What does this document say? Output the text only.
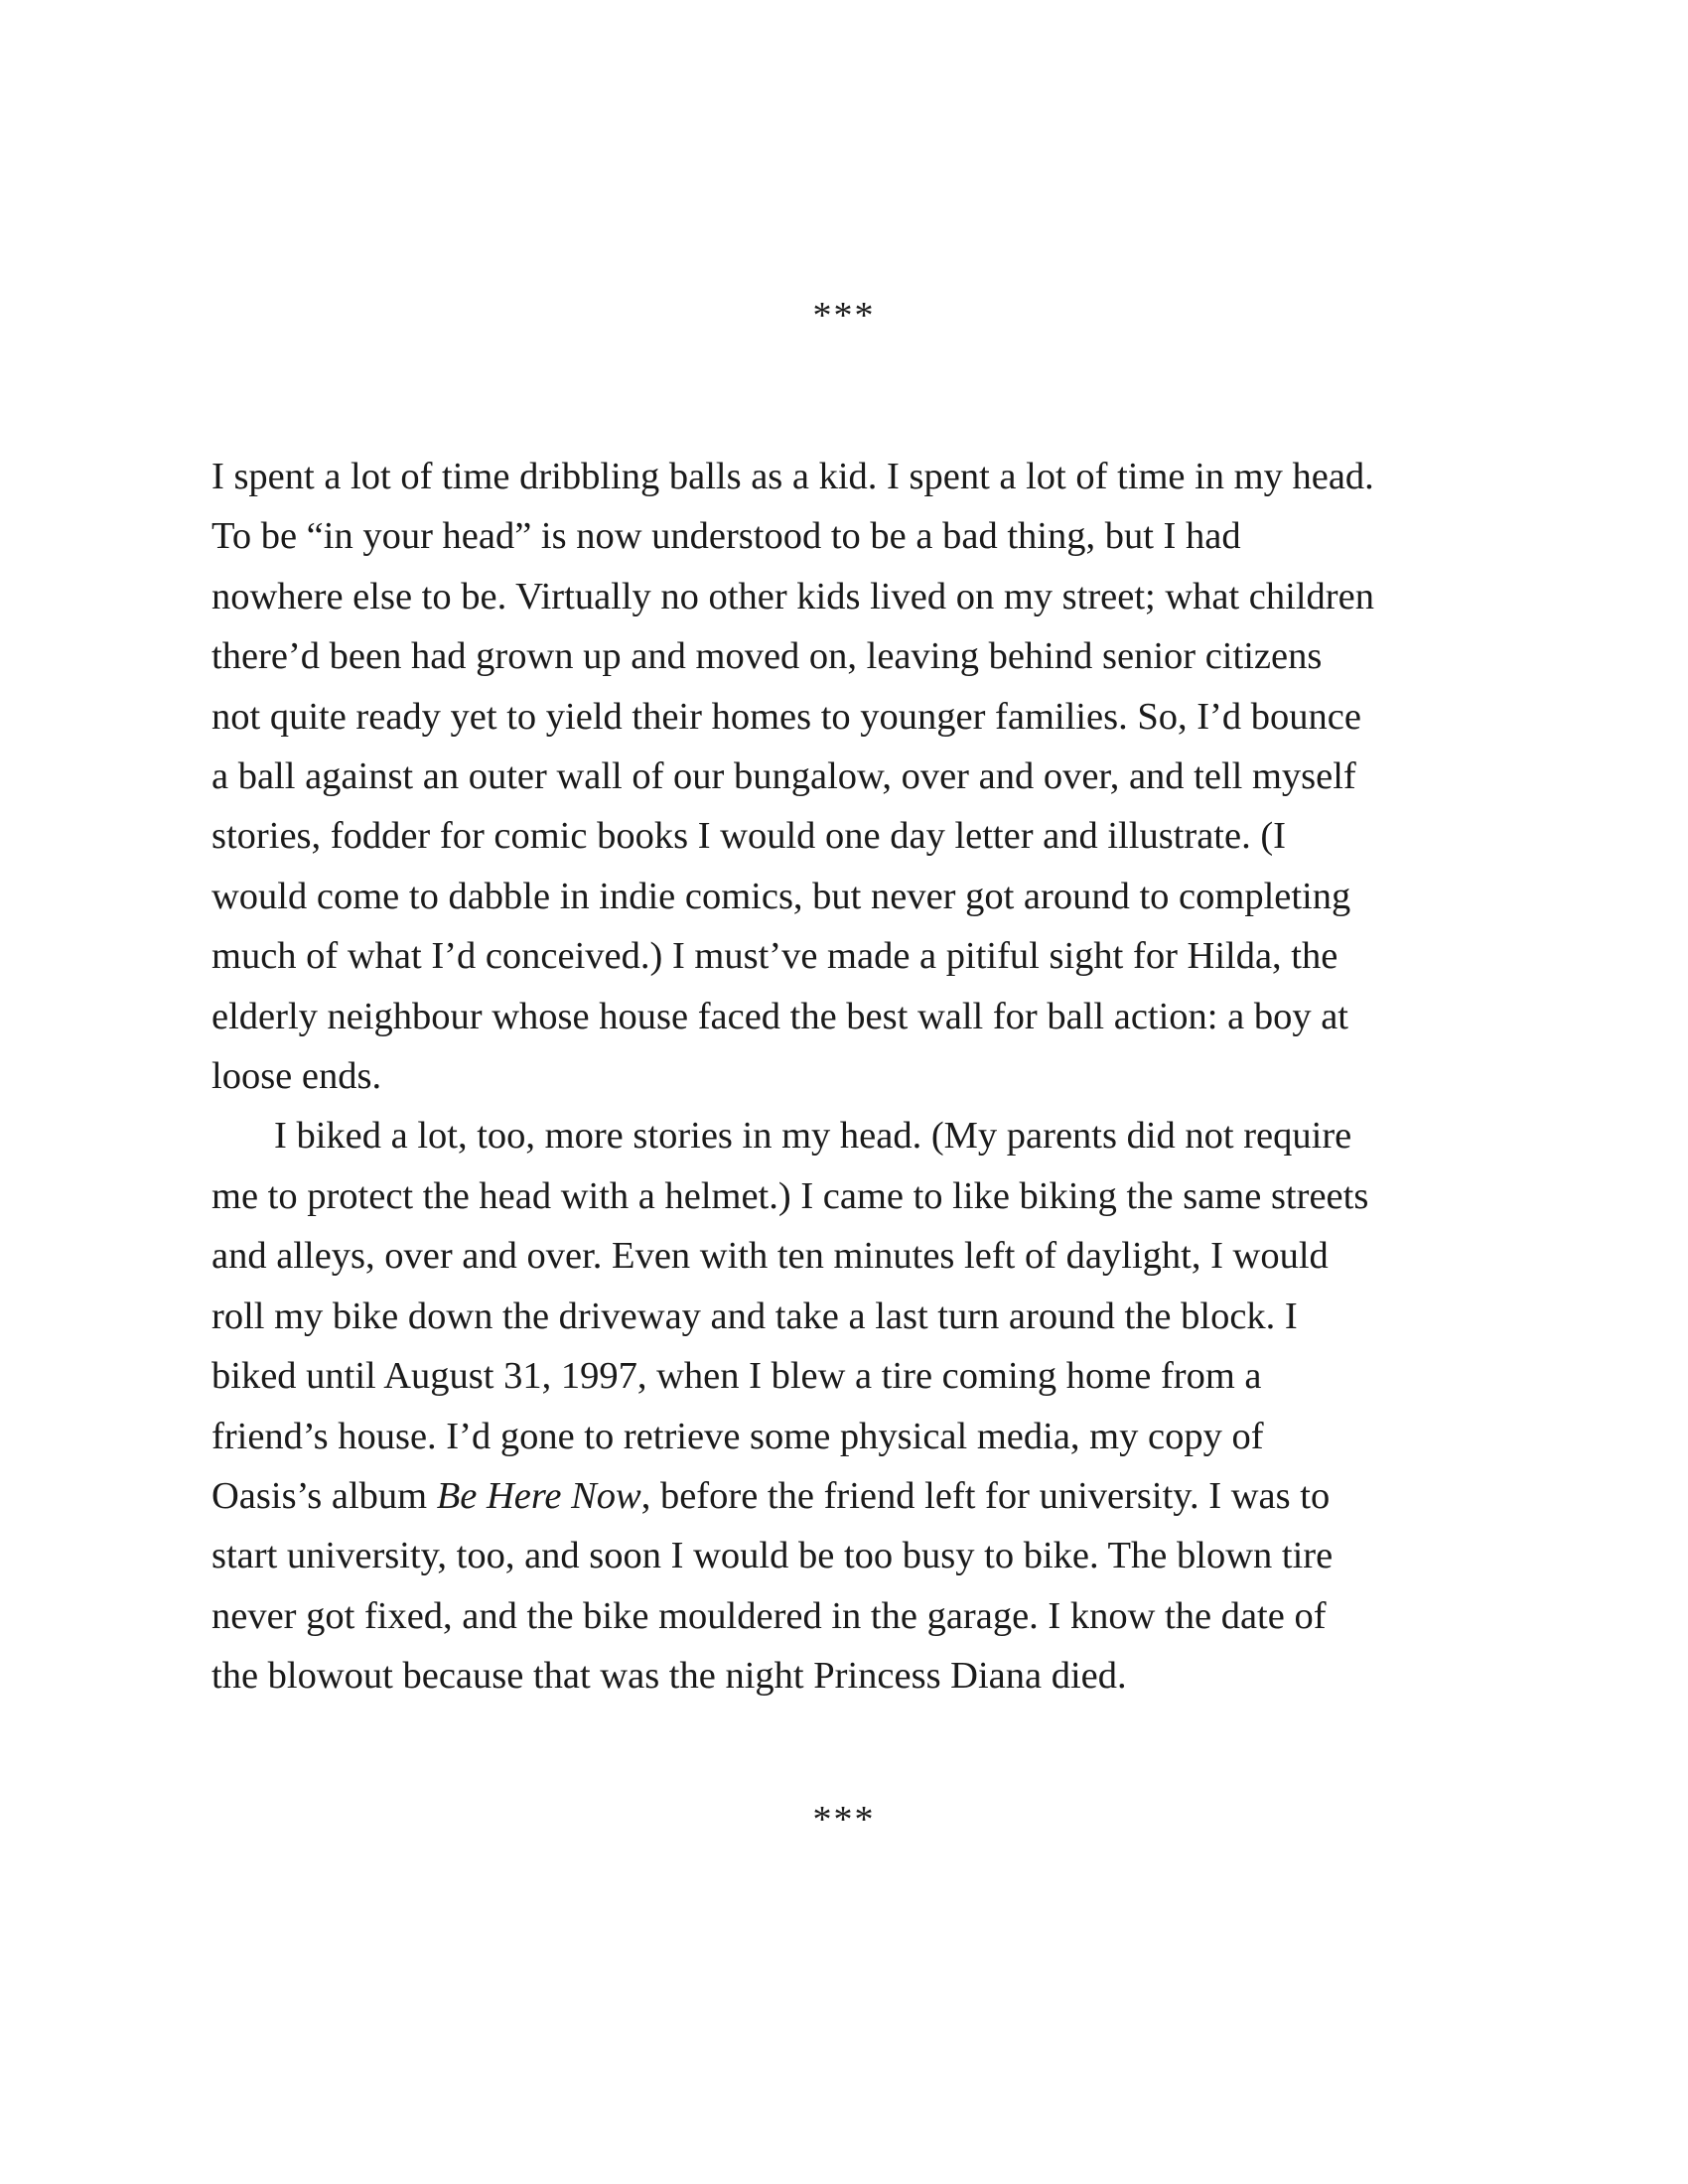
***
I spent a lot of time dribbling balls as a kid. I spent a lot of time in my head.
To be “in your head” is now understood to be a bad thing, but I had
nowhere else to be. Virtually no other kids lived on my street; what children
there’d been had grown up and moved on, leaving behind senior citizens
not quite ready yet to yield their homes to younger families. So, I’d bounce
a ball against an outer wall of our bungalow, over and over, and tell myself
stories, fodder for comic books I would one day letter and illustrate. (I
would come to dabble in indie comics, but never got around to completing
much of what I’d conceived.) I must’ve made a pitiful sight for Hilda, the
elderly neighbour whose house faced the best wall for ball action: a boy at
loose ends.
I biked a lot, too, more stories in my head. (My parents did not require
me to protect the head with a helmet.) I came to like biking the same streets
and alleys, over and over. Even with ten minutes left of daylight, I would
roll my bike down the driveway and take a last turn around the block. I
biked until August 31, 1997, when I blew a tire coming home from a
friend’s house. I’d gone to retrieve some physical media, my copy of
Oasis’s album Be Here Now, before the friend left for university. I was to
start university, too, and soon I would be too busy to bike. The blown tire
never got fixed, and the bike mouldered in the garage. I know the date of
the blowout because that was the night Princess Diana died.
***
